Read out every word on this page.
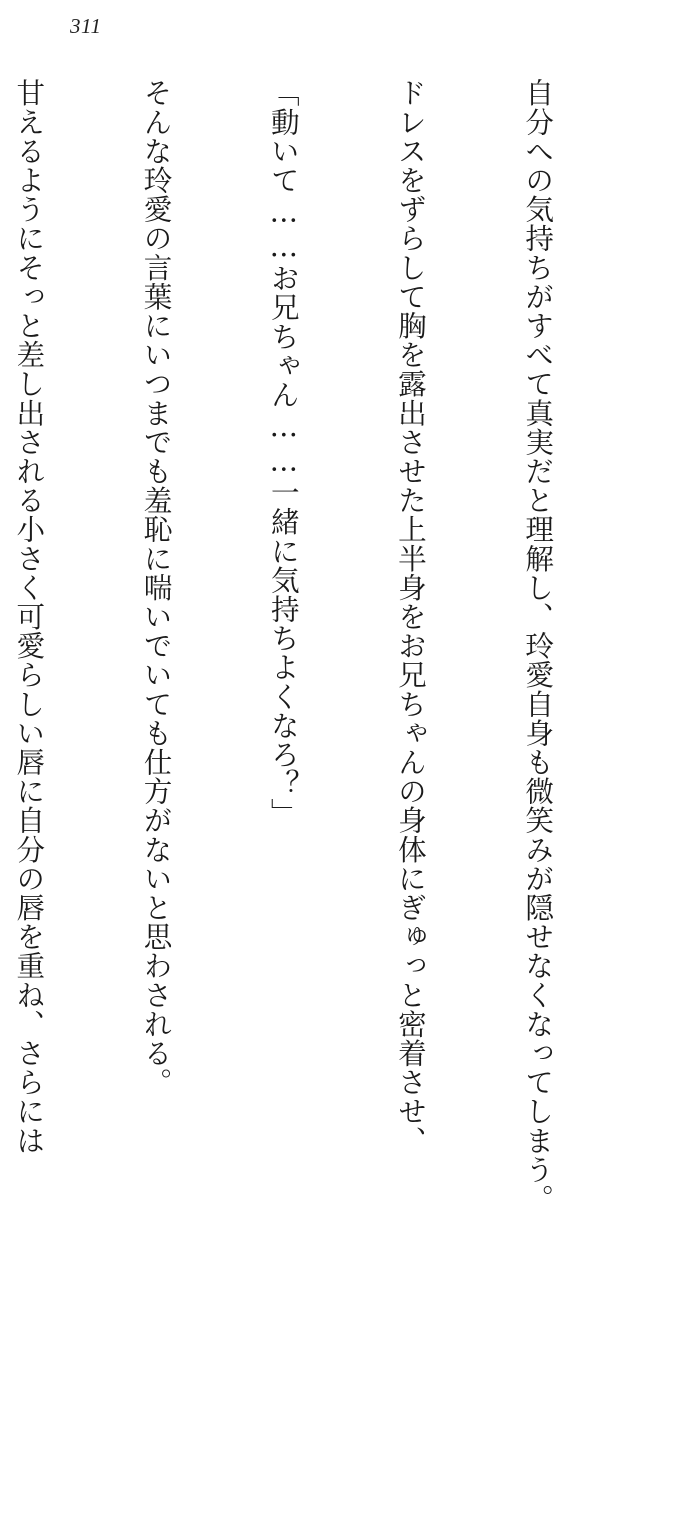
311

自分への気持ちがすべて真実だと理解し、玲愛自身も微笑みが隠せなくなってしまう。

ドレスをずらして胸を露出させた上半身をお兄ちゃんの身体にぎゅっと密着させ、

「動いて……お兄ちゃん……一緒に気持ちよくなろ？」

そんな玲愛の言葉にいつまでも羞恥に喘いでいても仕方がないと思わされる。

甘えるようにそっと差し出される小さく可愛らしい唇に自分の唇を重ね、さらには
